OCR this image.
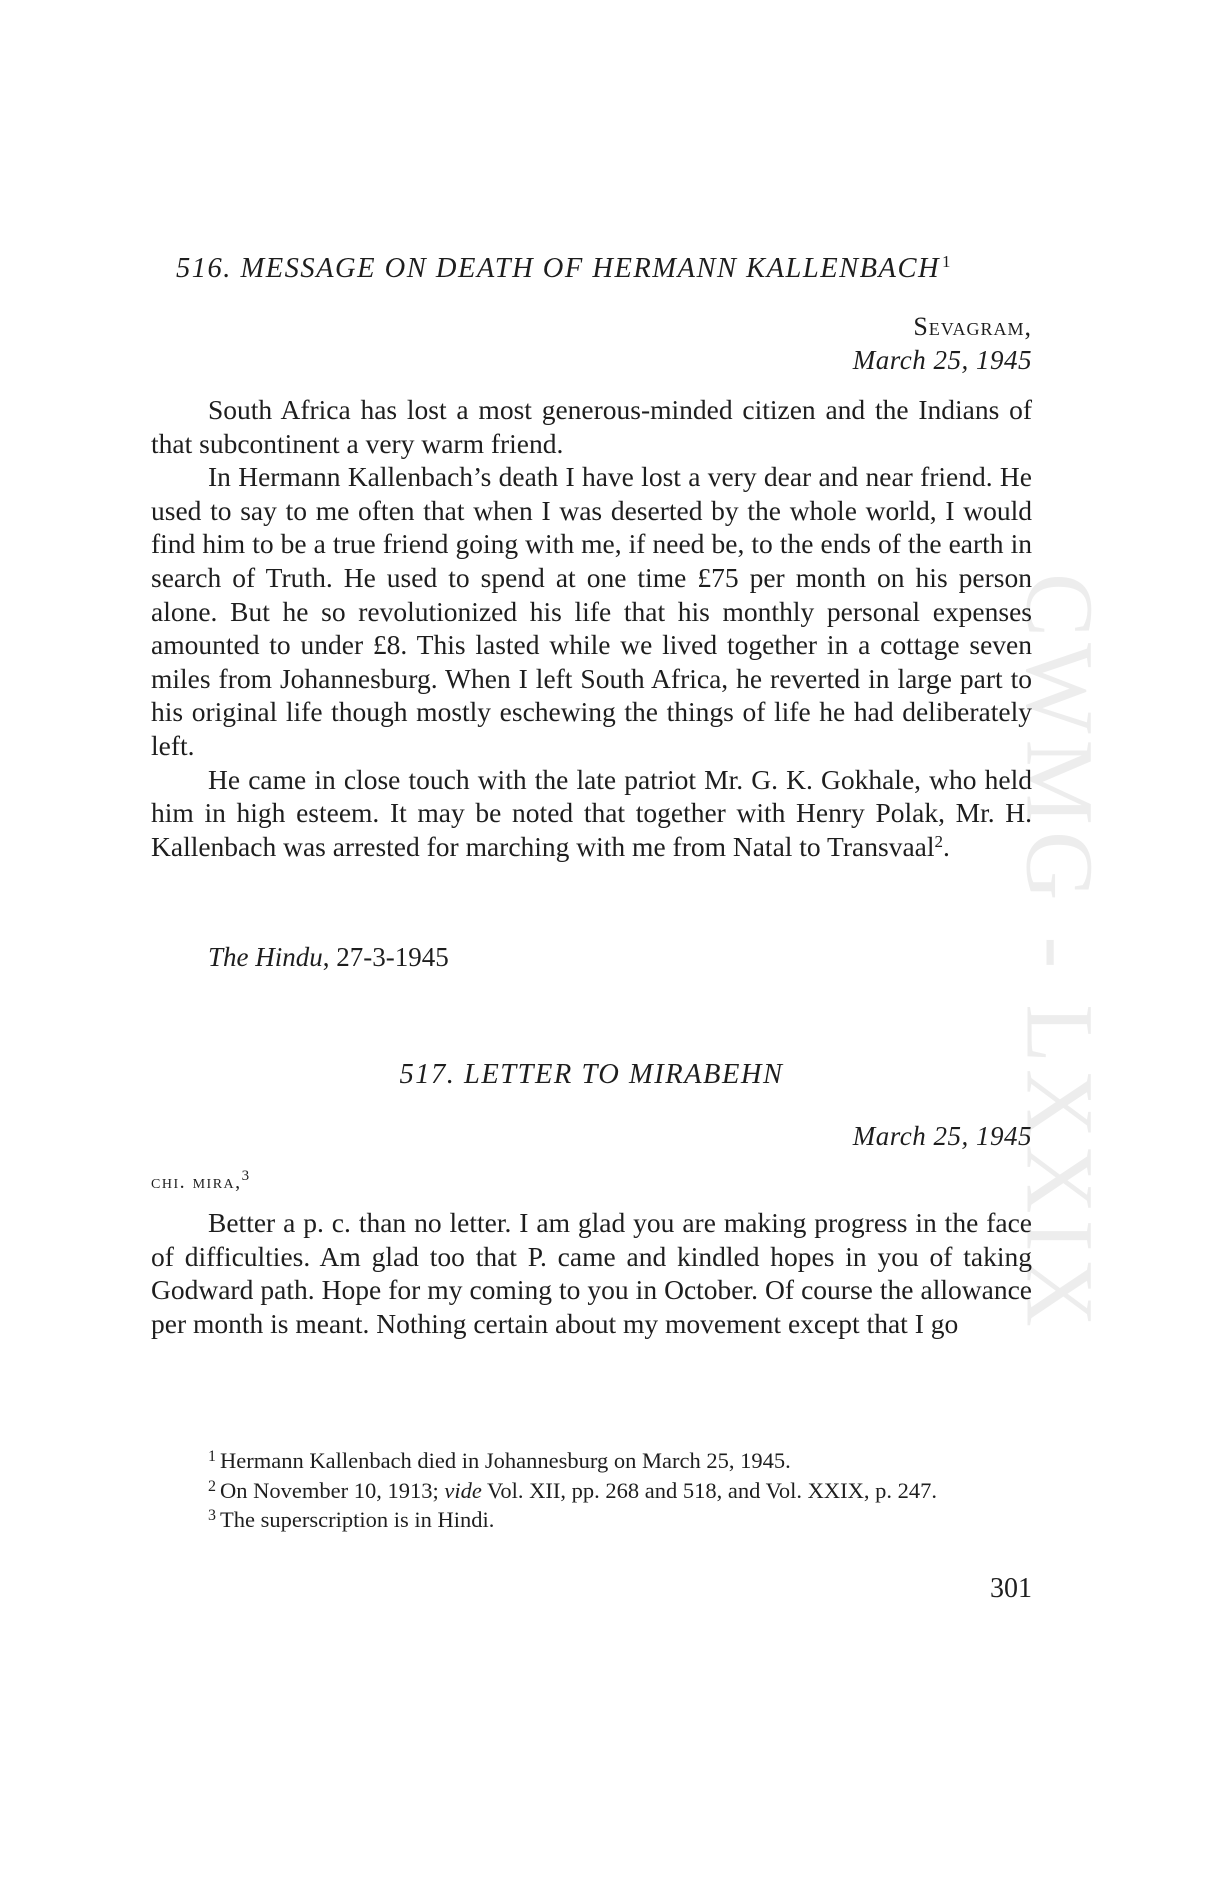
CWMG - LXXIX
516. MESSAGE ON DEATH OF HERMANN KALLENBACH $^1$
Sevagram,
March 25, 1945

South Africa has lost a most generous-minded citizen and the Indians of that subcontinent a very warm friend.

In Hermann Kallenbach’s death I have lost a very dear and near friend. He used to say to me often that when I was deserted by the whole world, I would find him to be a true friend going with me, if need be, to the ends of the earth in search of Truth. He used to spend at one time £75 per month on his person alone. But he so revolutionized his life that his monthly personal expenses amounted to under £8. This lasted while we lived together in a cottage seven miles from Johannesburg. When I left South Africa, he reverted in large part to his original life though mostly eschewing the things of life he had deliberately left.

He came in close touch with the late patriot Mr. G. K. Gokhale, who held him in high esteem. It may be noted that together with Henry Polak, Mr. H. Kallenbach was arrested for marching with me from Natal to Transvaal$^2$.

The Hindu, 27-3-1945
517. LETTER TO MIRABEHN
March 25, 1945
chi. mira,$^3$

Better a p. c. than no letter. I am glad you are making progress in the face of difficulties. Am glad too that P. came and kindled hopes in you of taking Godward path. Hope for my coming to you in October. Of course the allowance per month is meant. Nothing certain about my movement except that I go

$^1$ Hermann Kallenbach died in Johannesburg on March 25, 1945.

$^2$ On November 10, 1913; vide Vol. XII, pp. 268 and 518, and Vol. XXIX, p. 247.

$^3$ The superscription is in Hindi.

301
